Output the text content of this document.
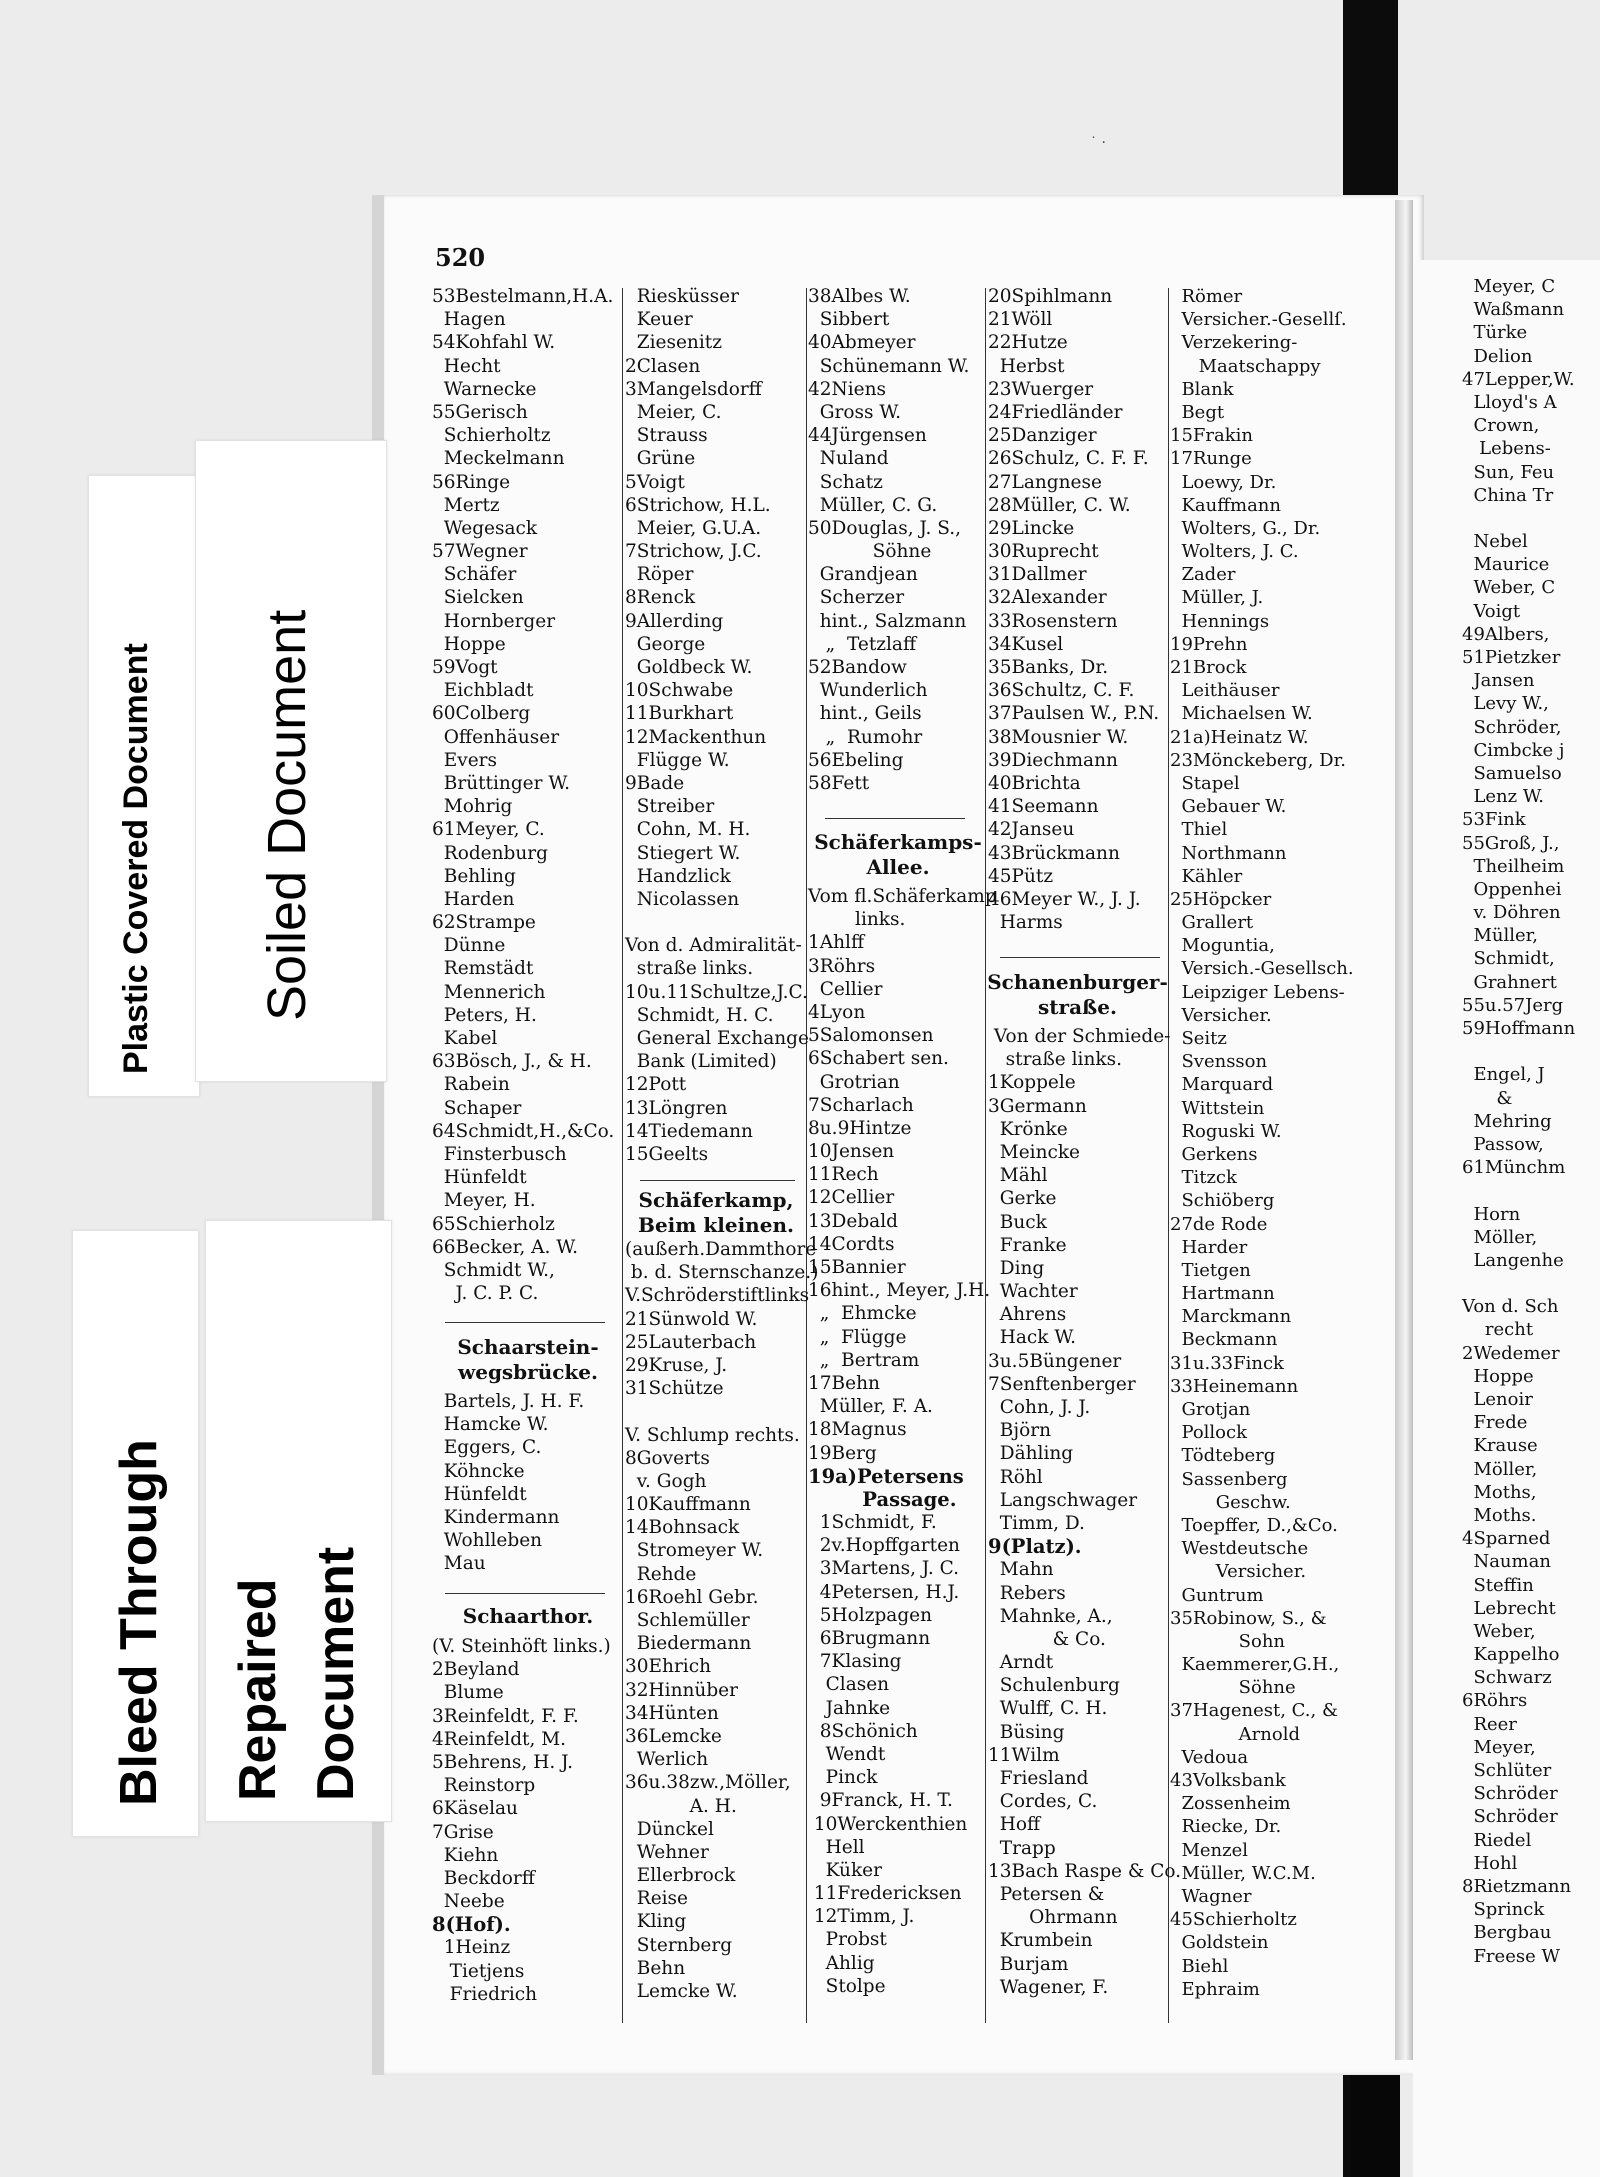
˙ ·
520
Plastic Covered Document Soiled Document
Bleed Through Repaired Document
53Bestelmann,H.A.
Hagen
54Kohfahl W.
Hecht
Warnecke
55Gerisch
Schierholtz
Meckelmann
56Ringe
Mertz
Wegesack
57Wegner
Schäfer
Sielcken
Hornberger
Hoppe
59Vogt
Eichbladt
60Colberg
Offenhäuser
Evers
Brüttinger W.
Mohrig
61Meyer, C.
Rodenburg
Behling
Harden
62Strampe
Dünne
Remstädt
Mennerich
Peters, H.
Kabel
63Bösch, J., & H.
Rabein
Schaper
64Schmidt,H.,&Co.
Finsterbusch
Hünfeldt
Meyer, H.
65Schierholz
66Becker, A. W.
Schmidt W.,
J. C. P. C.
Schaarstein-
wegsbrücke.
Bartels, J. H. F.
Hamcke W.
Eggers, C.
Köhncke
Hünfeldt
Kindermann
Wohlleben
Mau
Schaarthor.
(V. Steinhöft links.)
2Beyland
Blume
3Reinfeldt, F. F.
4Reinfeldt, M.
5Behrens, H. J.
Reinstorp
6Käselau
7Grise
Kiehn
Beckdorff
Neebe
8(Hof).
1Heinz
Tietjens
Friedrich
Riesküsser
Keuer
Ziesenitz
2Clasen
3Mangelsdorff
Meier, C.
Strauss
Grüne
5Voigt
6Strichow, H.L.
Meier, G.U.A.
7Strichow, J.C.
Röper
8Renck
9Allerding
George
Goldbeck W.
10Schwabe
11Burkhart
12Mackenthun
Flügge W.
9Bade
Streiber
Cohn, M. H.
Stiegert W.
Handzlick
Nicolassen
Von d. Admiralität-
straße links.
10u.11Schultze,J.C.
Schmidt, H. C.
General Exchange
Bank (Limited)
12Pott
13Löngren
14Tiedemann
15Geelts
Schäferkamp,
Beim kleinen.
(außerh.Dammthore
b. d. Sternschanze.)
V.Schröderstiftlinks
21Sünwold W.
25Lauterbach
29Kruse, J.
31Schütze
V. Schlump rechts.
8Goverts
v. Gogh
10Kauffmann
14Bohnsack
Stromeyer W.
Rehde
16Roehl Gebr.
Schlemüller
Biedermann
30Ehrich
32Hinnüber
34Hünten
36Lemcke
Werlich
36u.38zw.,Möller,
A. H.
Dünckel
Wehner
Ellerbrock
Reise
Kling
Sternberg
Behn
Lemcke W.
38Albes W.
Sibbert
40Abmeyer
Schünemann W.
42Niens
Gross W.
44Jürgensen
Nuland
Schatz
Müller, C. G.
50Douglas, J. S.,
Söhne
Grandjean
Scherzer
hint., Salzmann
„  Tetzlaff
52Bandow
Wunderlich
hint., Geils
„  Rumohr
56Ebeling
58Fett
Schäferkamps-
Allee.
Vom fl.Schäferkamp
links.
1Ahlff
3Röhrs
Cellier
4Lyon
5Salomonsen
6Schabert sen.
Grotrian
7Scharlach
8u.9Hintze
10Jensen
11Rech
12Cellier
13Debald
14Cordts
15Bannier
16hint., Meyer, J.H.
„  Ehmcke
„  Flügge
„  Bertram
17Behn
Müller, F. A.
18Magnus
19Berg
19a)Petersens
Passage.
1Schmidt, F.
2v.Hopffgarten
3Martens, J. C.
4Petersen, H.J.
5Holzpagen
6Brugmann
7Klasing
Clasen
Jahnke
8Schönich
Wendt
Pinck
9Franck, H. T.
10Werckenthien
Hell
Küker
11Fredericksen
12Timm, J.
Probst
Ahlig
Stolpe
20Spihlmann
21Wöll
22Hutze
Herbst
23Wuerger
24Friedländer
25Danziger
26Schulz, C. F. F.
27Langnese
28Müller, C. W.
29Lincke
30Ruprecht
31Dallmer
32Alexander
33Rosenstern
34Kusel
35Banks, Dr.
36Schultz, C. F.
37Paulsen W., P.N.
38Mousnier W.
39Diechmann
40Brichta
41Seemann
42Janseu
43Brückmann
45Pütz
46Meyer W., J. J.
Harms
Schanenburger-
straße.
Von der Schmiede-
straße links.
1Koppele
3Germann
Krönke
Meincke
Mähl
Gerke
Buck
Franke
Ding
Wachter
Ahrens
Hack W.
3u.5Büngener
7Senftenberger
Cohn, J. J.
Björn
Dähling
Röhl
Langschwager
Timm, D.
9(Platz).
Mahn
Rebers
Mahnke, A.,
& Co.
Arndt
Schulenburg
Wulff, C. H.
Büsing
11Wilm
Friesland
Cordes, C.
Hoff
Trapp
13Bach Raspe & Co.
Petersen &
Ohrmann
Krumbein
Burjam
Wagener, F.
Römer
Versicher.-Gesellſ.
Verzekering-
Maatschappy
Blank
Begt
15Frakin
17Runge
Loewy, Dr.
Kauffmann
Wolters, G., Dr.
Wolters, J. C.
Zader
Müller, J.
Hennings
19Prehn
21Brock
Leithäuser
Michaelsen W.
21a)Heinatz W.
23Mönckeberg, Dr.
Stapel
Gebauer W.
Thiel
Northmann
Kähler
25Höpcker
Grallert
Moguntia,
Versich.-Gesellsch.
Leipziger Lebens-
Versicher.
Seitz
Svensson
Marquard
Wittstein
Roguski W.
Gerkens
Titzck
Schiöberg
27de Rode
Harder
Tietgen
Hartmann
Marckmann
Beckmann
31u.33Finck
33Heinemann
Grotjan
Pollock
Tödteberg
Sassenberg
Geschw.
Toepffer, D.,&Co.
Westdeutsche
Versicher.
Guntrum
35Robinow, S., &
Sohn
Kaemmerer,G.H.,
Söhne
37Hagenest, C., &
Arnold
Vedoua
43Volksbank
Zossenheim
Riecke, Dr.
Menzel
Müller, W.C.M.
Wagner
45Schierholtz
Goldstein
Biehl
Ephraim
Meyer, C
Waßmann
Türke
Delion
47Lepper,W.
Lloyd's A
Crown,
Lebens-
Sun, Feu
China Tr
Nebel
Maurice
Weber, C
Voigt
49Albers,
51Pietzker
Jansen
Levy W.,
Schröder,
Cimbcke j
Samuelso
Lenz W.
53Fink
55Groß, J.,
Theilheim
Oppenhei
v. Döhren
Müller,
Schmidt,
Grahnert
55u.57Jerg
59Hoffmann
Engel, J
&
Mehring
Passow,
61Münchm
Horn
Möller,
Langenhe
Von d. Sch
recht
2Wedemer
Hoppe
Lenoir
Frede
Krause
Möller,
Moths,
Moths.
4Sparned
Nauman
Steffin
Lebrecht
Weber,
Kappelho
Schwarz
6Röhrs
Reer
Meyer,
Schlüter
Schröder
Schröder
Riedel
Hohl
8Rietzmann
Sprinck
Bergbau
Freese W
